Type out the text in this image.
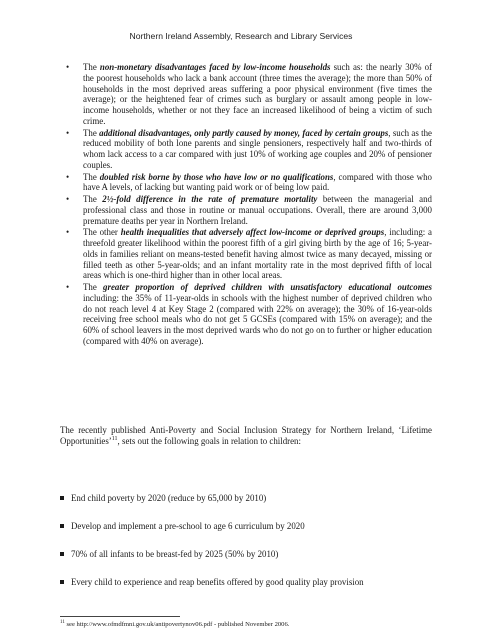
Northern Ireland Assembly, Research and Library Services
• The non-monetary disadvantages faced by low-income households such as: the nearly 30% of the poorest households who lack a bank account (three times the average); the more than 50% of households in the most deprived areas suffering a poor physical environment (five times the average); or the heightened fear of crimes such as burglary or assault among people in low-income households, whether or not they face an increased likelihood of being a victim of such crime.
• The additional disadvantages, only partly caused by money, faced by certain groups, such as the reduced mobility of both lone parents and single pensioners, respectively half and two-thirds of whom lack access to a car compared with just 10% of working age couples and 20% of pensioner couples.
• The doubled risk borne by those who have low or no qualifications, compared with those who have A levels, of lacking but wanting paid work or of being low paid.
• The 2½-fold difference in the rate of premature mortality between the managerial and professional class and those in routine or manual occupations. Overall, there are around 3,000 premature deaths per year in Northern Ireland.
• The other health inequalities that adversely affect low-income or deprived groups, including: a threefold greater likelihood within the poorest fifth of a girl giving birth by the age of 16; 5-year-olds in families reliant on means-tested benefit having almost twice as many decayed, missing or filled teeth as other 5-year-olds; and an infant mortality rate in the most deprived fifth of local areas which is one-third higher than in other local areas.
• The greater proportion of deprived children with unsatisfactory educational outcomes including: the 35% of 11-year-olds in schools with the highest number of deprived children who do not reach level 4 at Key Stage 2 (compared with 22% on average); the 30% of 16-year-olds receiving free school meals who do not get 5 GCSEs (compared with 15% on average); and the 60% of school leavers in the most deprived wards who do not go on to further or higher education (compared with 40% on average).

The recently published Anti-Poverty and Social Inclusion Strategy for Northern Ireland, ‘Lifetime Opportunities’$^{11}$, sets out the following goals in relation to children:

End child poverty by 2020 (reduce by 65,000 by 2010)
Develop and implement a pre-school to age 6 curriculum by 2020
70% of all infants to be breast-fed by 2025 (50% by 2010)
Every child to experience and reap benefits offered by good quality play provision
$^{11}$ see http://www.ofmdfmni.gov.uk/antipovertynov06.pdf - published November 2006.
